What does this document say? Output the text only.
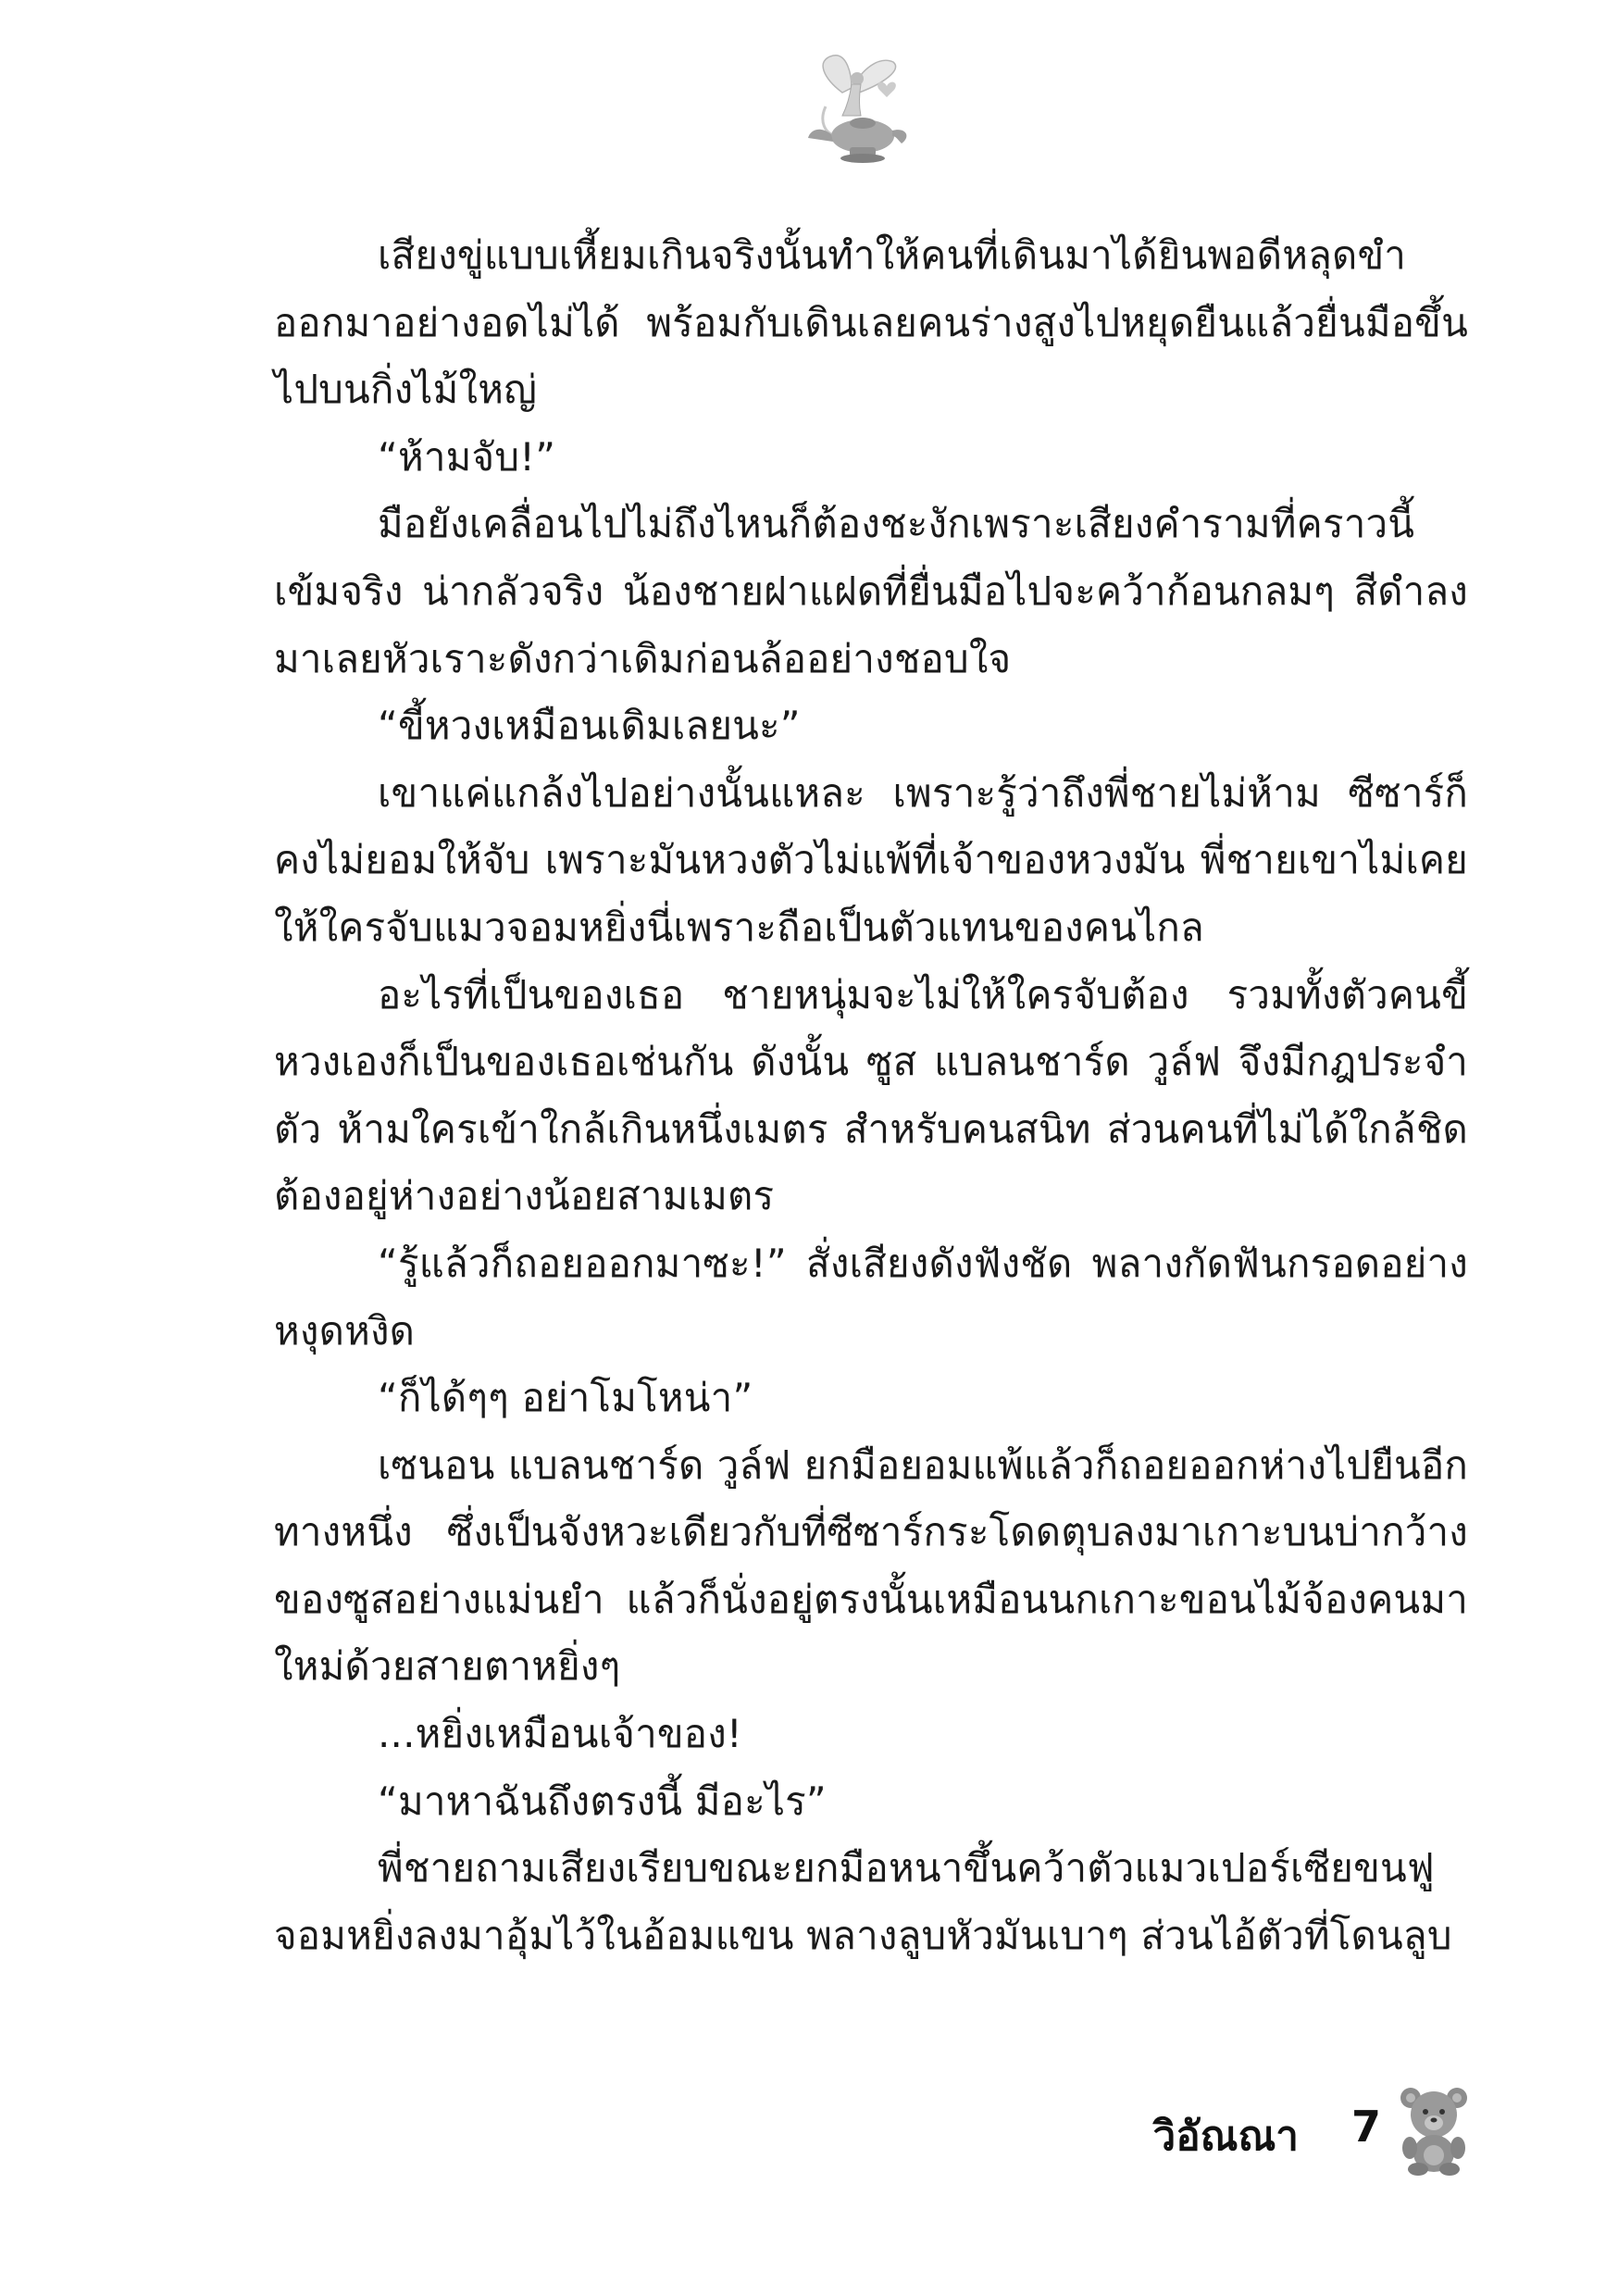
เสียงขู่แบบเหี้ยมเกินจริงนั้นทำให้คนที่เดินมาได้ยินพอดีหลุดขำออกมาอย่างอดไม่ได้ พร้อมกับเดินเลยคนร่างสูงไปหยุดยืนแล้วยื่นมือขึ้นไปบนกิ่งไม้ใหญ่

“ห้ามจับ!”

มือยังเคลื่อนไปไม่ถึงไหนก็ต้องชะงักเพราะเสียงคำรามที่คราวนี้เข้มจริง น่ากลัวจริง น้องชายฝาแฝดที่ยื่นมือไปจะคว้าก้อนกลมๆ สีดำลงมาเลยหัวเราะดังกว่าเดิมก่อนล้ออย่างชอบใจ

“ขี้หวงเหมือนเดิมเลยนะ”

เขาแค่แกล้งไปอย่างนั้นแหละ เพราะรู้ว่าถึงพี่ชายไม่ห้าม ซีซาร์ก็คงไม่ยอมให้จับ เพราะมันหวงตัวไม่แพ้ที่เจ้าของหวงมัน พี่ชายเขาไม่เคยให้ใครจับแมวจอมหยิ่งนี่เพราะถือเป็นตัวแทนของคนไกล

อะไรที่เป็นของเธอ ชายหนุ่มจะไม่ให้ใครจับต้อง รวมทั้งตัวคนขี้หวงเองก็เป็นของเธอเช่นกัน ดังนั้น ซูส แบลนชาร์ด วูล์ฟ จึงมีกฎประจำตัว ห้ามใครเข้าใกล้เกินหนึ่งเมตร สำหรับคนสนิท ส่วนคนที่ไม่ได้ใกล้ชิดต้องอยู่ห่างอย่างน้อยสามเมตร

“รู้แล้วก็ถอยออกมาซะ!” สั่งเสียงดังฟังชัด พลางกัดฟันกรอดอย่างหงุดหงิด

“ก็ได้ๆๆ อย่าโมโหน่า”

เซนอน แบลนชาร์ด วูล์ฟ ยกมือยอมแพ้แล้วก็ถอยออกห่างไปยืนอีกทางหนึ่ง ซึ่งเป็นจังหวะเดียวกับที่ซีซาร์กระโดดตุบลงมาเกาะบนบ่ากว้างของซูสอย่างแม่นยำ แล้วก็นั่งอยู่ตรงนั้นเหมือนนกเกาะขอนไม้จ้องคนมาใหม่ด้วยสายตาหยิ่งๆ

...หยิ่งเหมือนเจ้าของ!

“มาหาฉันถึงตรงนี้ มีอะไร”

พี่ชายถามเสียงเรียบขณะยกมือหนาขึ้นคว้าตัวแมวเปอร์เซียขนฟูจอมหยิ่งลงมาอุ้มไว้ในอ้อมแขน พลางลูบหัวมันเบาๆ ส่วนไอ้ตัวที่โดนลูบ

วิอัณณา 7
